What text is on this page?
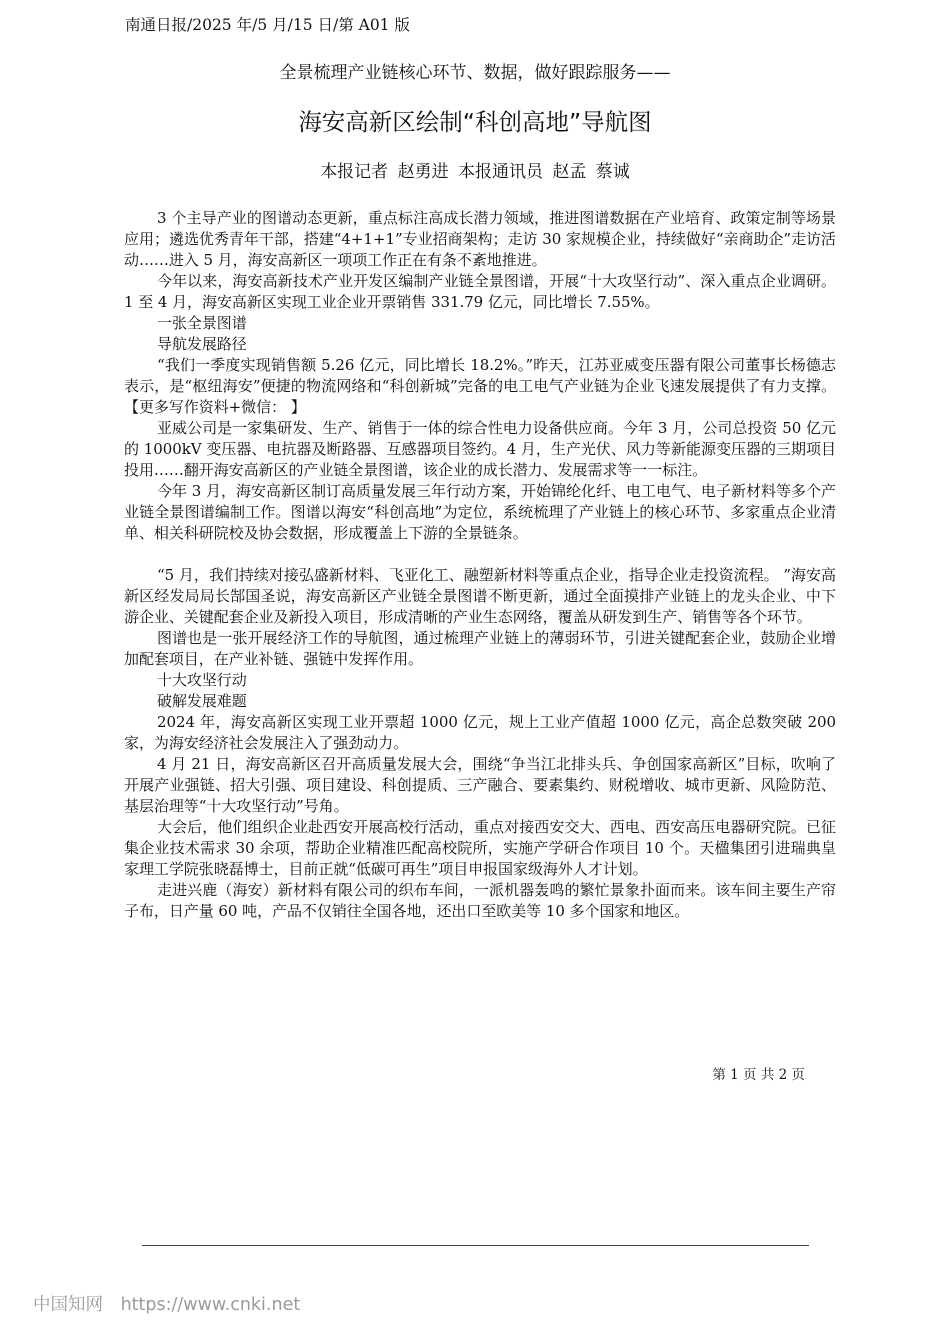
南通日报/2025 年/5 月/15 日/第 A01 版
全景梳理产业链核心环节、数据，做好跟踪服务——
海安高新区绘制“科创高地”导航图
本报记者 赵勇进 本报通讯员 赵孟 蔡诚

3 个主导产业的图谱动态更新，重点标注高成长潜力领域，推进图谱数据在产业培育、政策定制等场景应用；遴选优秀青年干部，搭建“4+1+1”专业招商架构；走访 30 家规模企业，持续做好“亲商助企”走访活动……进入 5 月，海安高新区一项项工作正在有条不紊地推进。

今年以来，海安高新技术产业开发区编制产业链全景图谱，开展“十大攻坚行动”、深入重点企业调研。1 至 4 月，海安高新区实现工业企业开票销售 331.79 亿元，同比增长 7.55%。

一张全景图谱

导航发展路径

“我们一季度实现销售额 5.26 亿元，同比增长 18.2%。”昨天，江苏亚威变压器有限公司董事长杨德志表示，是“枢纽海安”便捷的物流网络和“科创新城”完备的电工电气产业链为企业飞速发展提供了有力支撑。【更多写作资料+微信： 】

亚威公司是一家集研发、生产、销售于一体的综合性电力设备供应商。今年 3 月，公司总投资 50 亿元的 1000kV 变压器、电抗器及断路器、互感器项目签约。4 月，生产光伏、风力等新能源变压器的三期项目投用……翻开海安高新区的产业链全景图谱，该企业的成长潜力、发展需求等一一标注。

今年 3 月，海安高新区制订高质量发展三年行动方案，开始锦纶化纤、电工电气、电子新材料等多个产业链全景图谱编制工作。图谱以海安“科创高地”为定位，系统梳理了产业链上的核心环节、多家重点企业清单、相关科研院校及协会数据，形成覆盖上下游的全景链条。

“5 月，我们持续对接弘盛新材料、飞亚化工、融塑新材料等重点企业，指导企业走投资流程。 ”海安高新区经发局局长郜国圣说，海安高新区产业链全景图谱不断更新，通过全面摸排产业链上的龙头企业、中下游企业、关键配套企业及新投入项目，形成清晰的产业生态网络，覆盖从研发到生产、销售等各个环节。

图谱也是一张开展经济工作的导航图，通过梳理产业链上的薄弱环节，引进关键配套企业，鼓励企业增加配套项目，在产业补链、强链中发挥作用。

十大攻坚行动

破解发展难题

2024 年，海安高新区实现工业开票超 1000 亿元，规上工业产值超 1000 亿元，高企总数突破 200 家，为海安经济社会发展注入了强劲动力。

4 月 21 日，海安高新区召开高质量发展大会，围绕“争当江北排头兵、争创国家高新区”目标，吹响了开展产业强链、招大引强、项目建设、科创提质、三产融合、要素集约、财税增收、城市更新、风险防范、基层治理等“十大攻坚行动”号角。

大会后，他们组织企业赴西安开展高校行活动，重点对接西安交大、西电、西安高压电器研究院。已征集企业技术需求 30 余项，帮助企业精准匹配高校院所，实施产学研合作项目 10 个。天楹集团引进瑞典皇家理工学院张晓磊博士，目前正就“低碳可再生”项目申报国家级海外人才计划。

走进兴鹿（海安）新材料有限公司的织布车间，一派机器轰鸣的繁忙景象扑面而来。该车间主要生产帘子布，日产量 60 吨，产品不仅销往全国各地，还出口至欧美等 10 多个国家和地区。

第 1 页 共 2 页
中国知网 https://www.cnki.net
